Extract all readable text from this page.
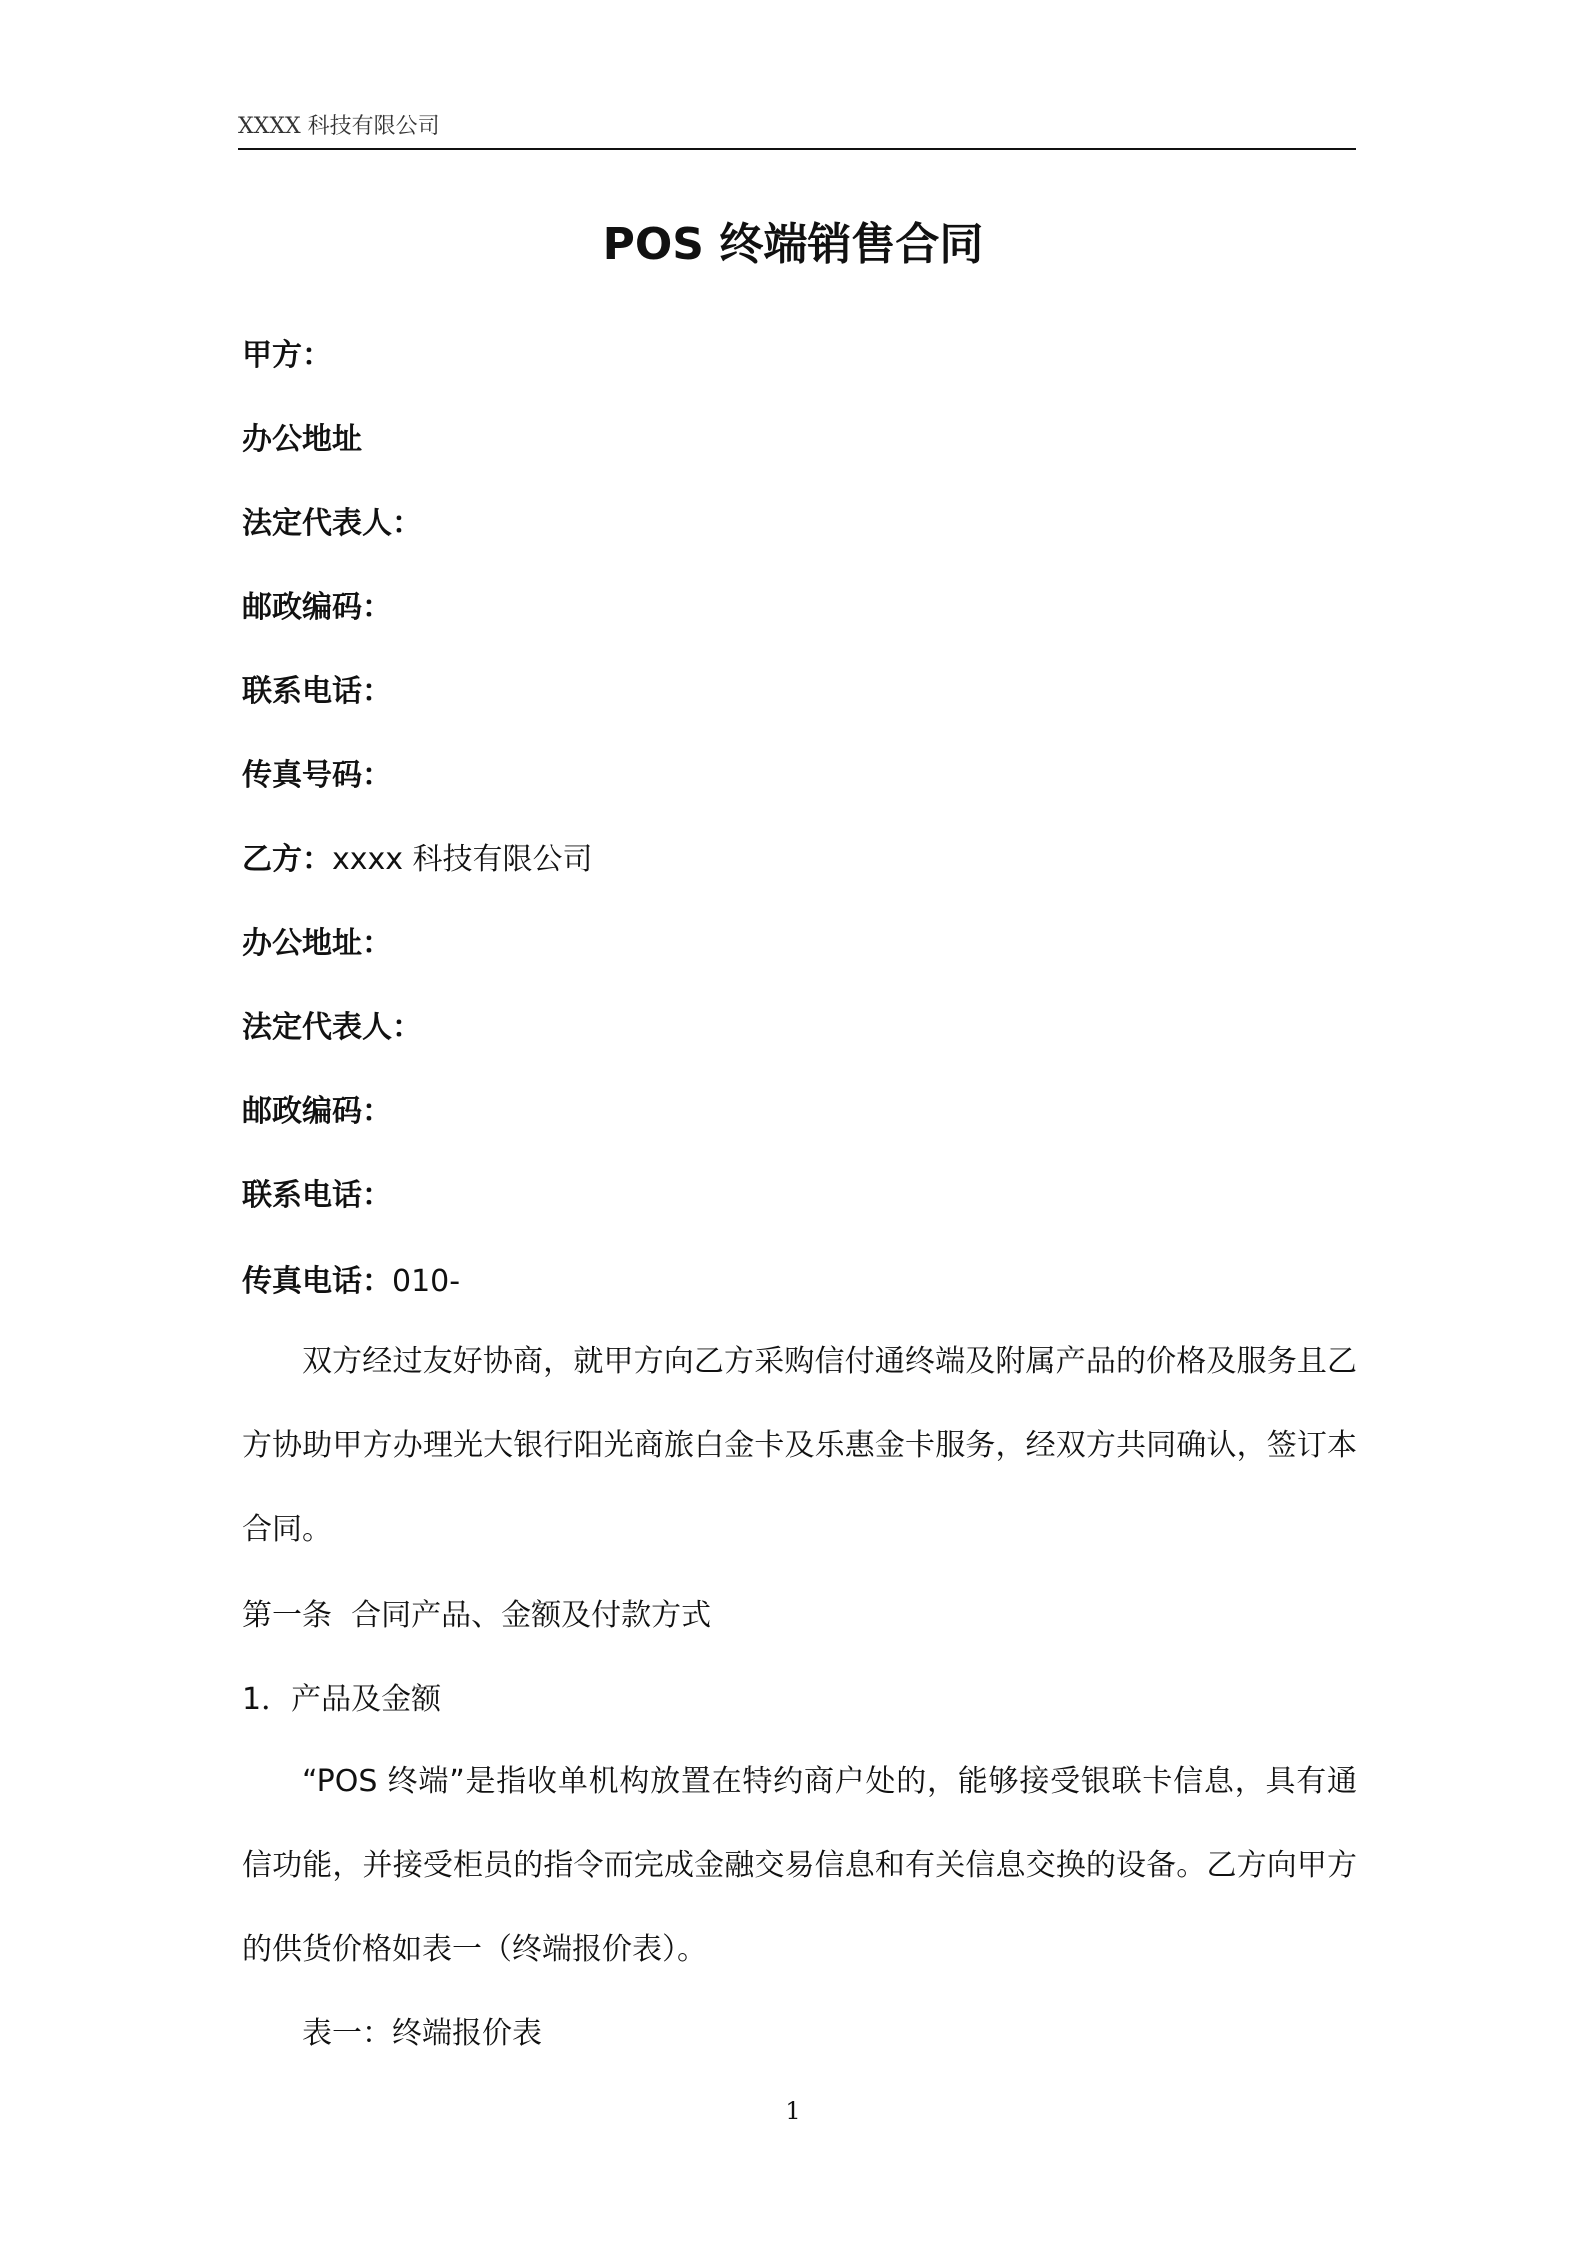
XXXX 科技有限公司
POS 终端销售合同
甲方：
办公地址
法定代表人：
邮政编码：
联系电话：
传真号码：
乙方：xxxx 科技有限公司
办公地址：
法定代表人：
邮政编码：
联系电话：
传真电话：010-
双方经过友好协商，就甲方向乙方采购信付通终端及附属产品的价格及服务且乙方协助甲方办理光大银行阳光商旅白金卡及乐惠金卡服务，经双方共同确认，签订本合同。
第一条 合同产品、金额及付款方式
1．产品及金额
“POS 终端”是指收单机构放置在特约商户处的，能够接受银联卡信息，具有通信功能，并接受柜员的指令而完成金融交易信息和有关信息交换的设备。乙方向甲方的供货价格如表一（终端报价表）。
表一：终端报价表
1
